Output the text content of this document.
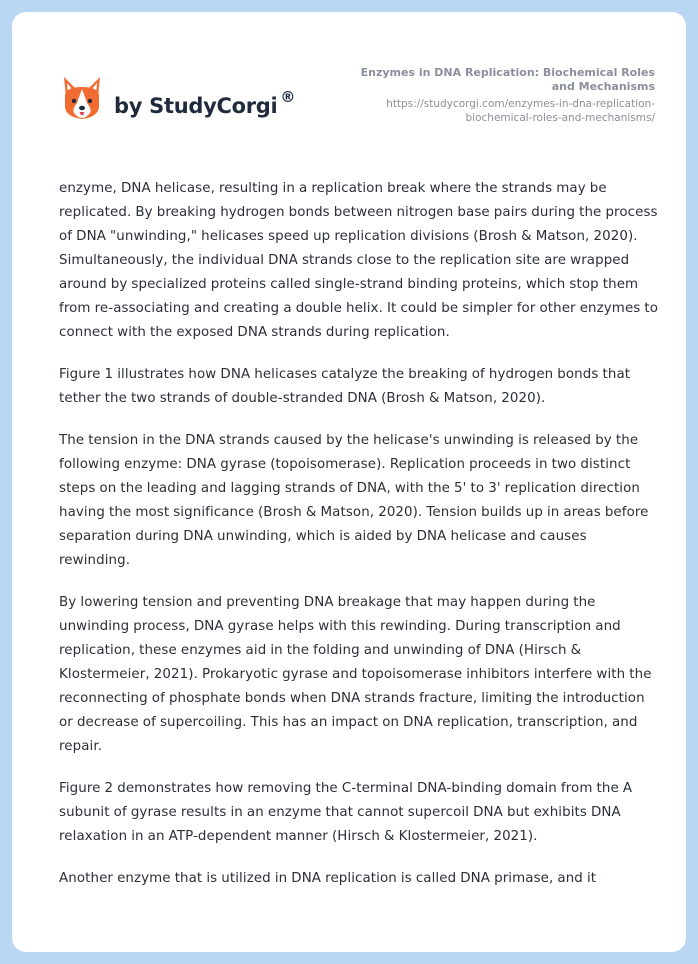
by StudyCorgi ®
Enzymes in DNA Replication: Biochemical Roles and Mechanisms
https://studycorgi.com/enzymes-in-dna-replication-biochemical-roles-and-mechanisms/

enzyme, DNA helicase, resulting in a replication break where the strands may be replicated. By breaking hydrogen bonds between nitrogen base pairs during the process of DNA "unwinding," helicases speed up replication divisions (Brosh & Matson, 2020). Simultaneously, the individual DNA strands close to the replication site are wrapped around by specialized proteins called single-strand binding proteins, which stop them from re-associating and creating a double helix. It could be simpler for other enzymes to connect with the exposed DNA strands during replication.

Figure 1 illustrates how DNA helicases catalyze the breaking of hydrogen bonds that tether the two strands of double-stranded DNA (Brosh & Matson, 2020).

The tension in the DNA strands caused by the helicase's unwinding is released by the following enzyme: DNA gyrase (topoisomerase). Replication proceeds in two distinct steps on the leading and lagging strands of DNA, with the 5' to 3' replication direction having the most significance (Brosh & Matson, 2020). Tension builds up in areas before separation during DNA unwinding, which is aided by DNA helicase and causes rewinding.

By lowering tension and preventing DNA breakage that may happen during the unwinding process, DNA gyrase helps with this rewinding. During transcription and replication, these enzymes aid in the folding and unwinding of DNA (Hirsch & Klostermeier, 2021). Prokaryotic gyrase and topoisomerase inhibitors interfere with the reconnecting of phosphate bonds when DNA strands fracture, limiting the introduction or decrease of supercoiling. This has an impact on DNA replication, transcription, and repair.

Figure 2 demonstrates how removing the C-terminal DNA-binding domain from the A subunit of gyrase results in an enzyme that cannot supercoil DNA but exhibits DNA relaxation in an ATP-dependent manner (Hirsch & Klostermeier, 2021).

Another enzyme that is utilized in DNA replication is called DNA primase, and it
